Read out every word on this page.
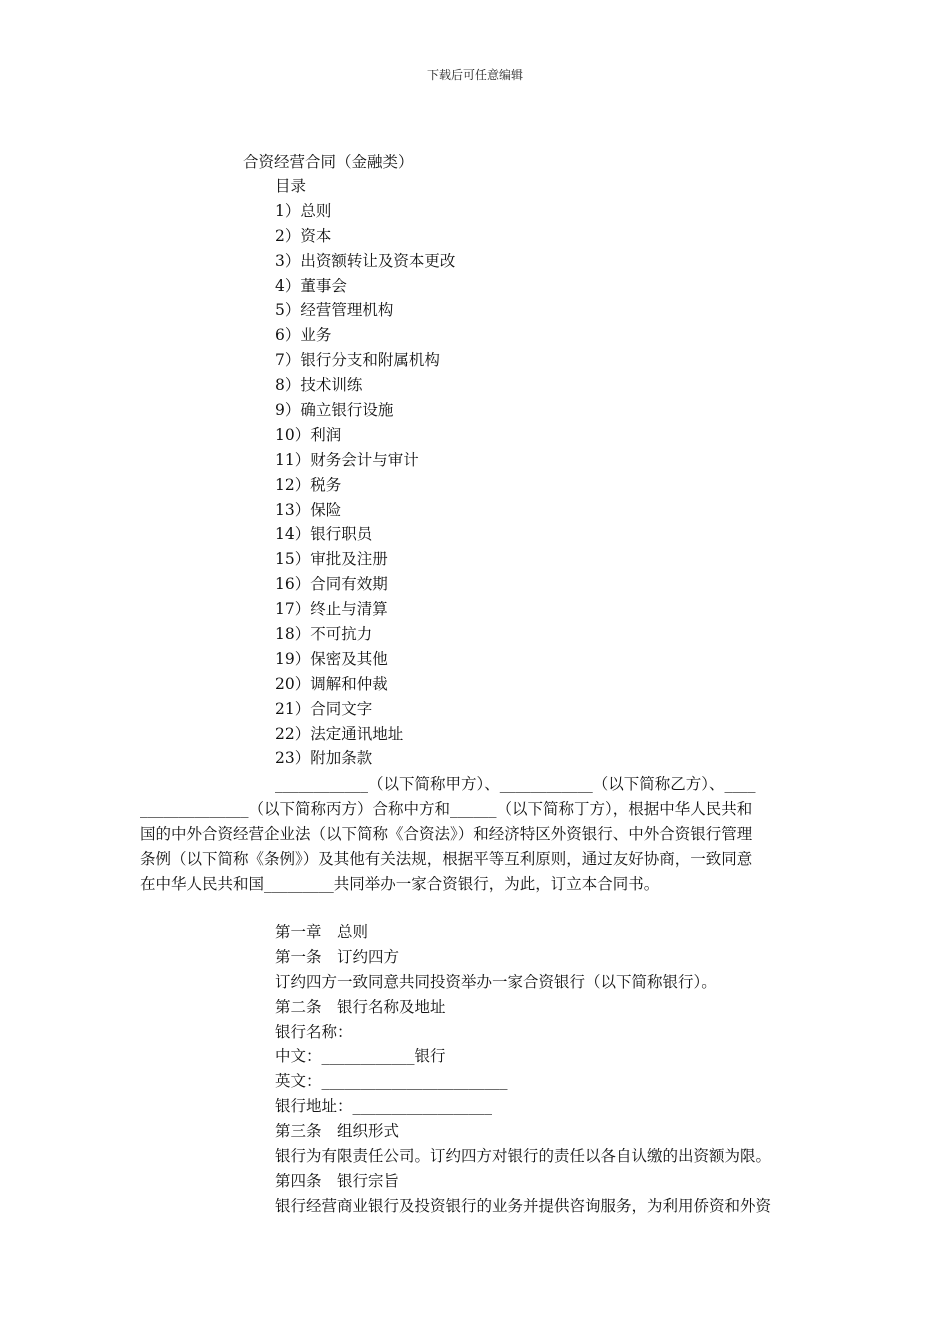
下载后可任意编辑
合资经营合同（金融类）
目录
1）总则
2）资本
3）出资额转让及资本更改
4）董事会
5）经营管理机构
6）业务
7）银行分支和附属机构
8）技术训练
9）确立银行设施
10）利润
11）财务会计与审计
12）税务
13）保险
14）银行职员
15）审批及注册
16）合同有效期
17）终止与清算
18）不可抗力
19）保密及其他
20）调解和仲裁
21）合同文字
22）法定通讯地址
23）附加条款
____________（以下简称甲方）、____________（以下简称乙方）、____
______________（以下简称丙方）合称中方和______（以下简称丁方），根据中华人民共和
国的中外合资经营企业法（以下简称《合资法》）和经济特区外资银行、中外合资银行管理
条例（以下简称《条例》）及其他有关法规，根据平等互利原则，通过友好协商，一致同意
在中华人民共和国_________共同举办一家合资银行，为此，订立本合同书。
第一章　总则
第一条　订约四方
订约四方一致同意共同投资举办一家合资银行（以下简称银行）。
第二条　银行名称及地址
银行名称：
中文：____________银行
英文：________________________
银行地址：__________________
第三条　组织形式
银行为有限责任公司。订约四方对银行的责任以各自认缴的出资额为限。
第四条　银行宗旨
银行经营商业银行及投资银行的业务并提供咨询服务，为利用侨资和外资
